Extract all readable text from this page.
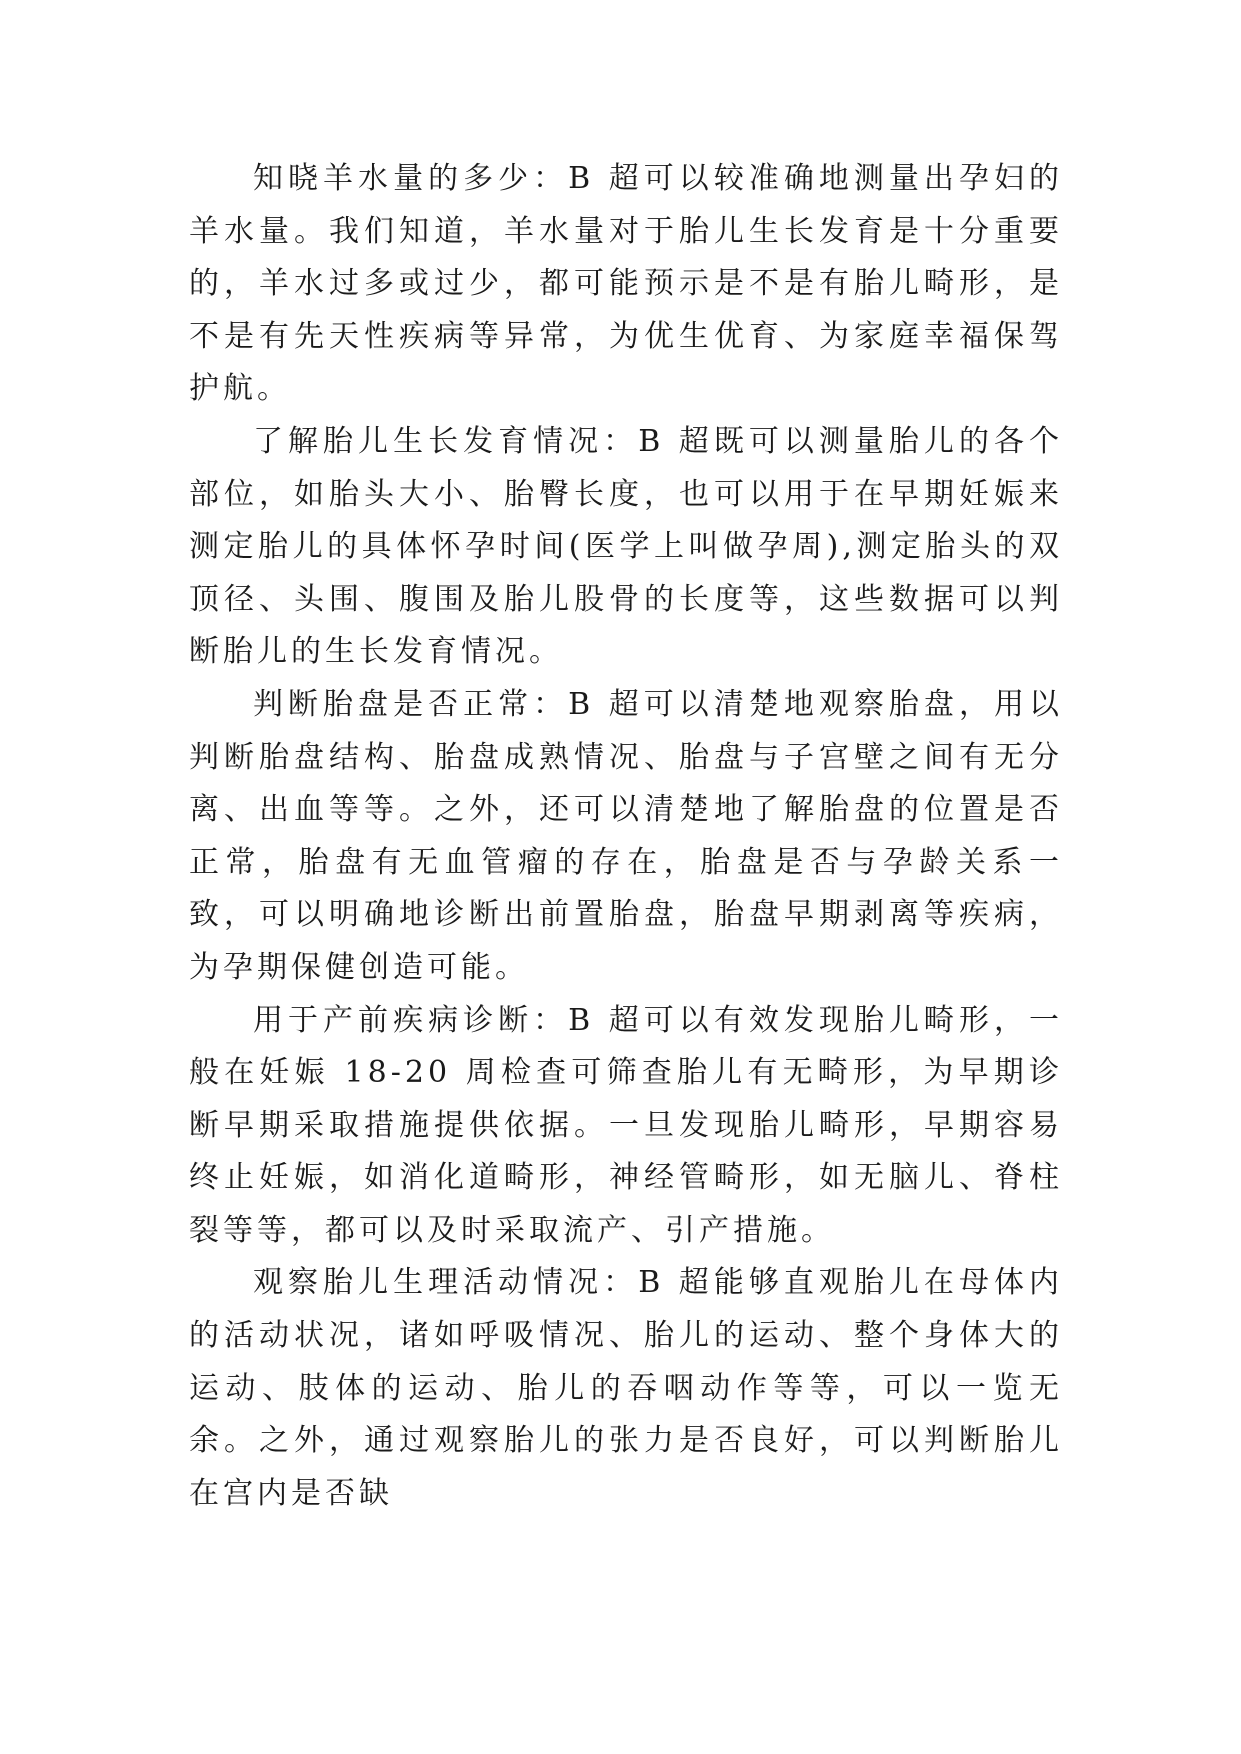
知晓羊水量的多少：B 超可以较准确地测量出孕妇的羊水量。我们知道，羊水量对于胎儿生长发育是十分重要的，羊水过多或过少，都可能预示是不是有胎儿畸形，是不是有先天性疾病等异常，为优生优育、为家庭幸福保驾护航。

了解胎儿生长发育情况：B 超既可以测量胎儿的各个部位，如胎头大小、胎臀长度，也可以用于在早期妊娠来测定胎儿的具体怀孕时间(医学上叫做孕周),测定胎头的双顶径、头围、腹围及胎儿股骨的长度等，这些数据可以判断胎儿的生长发育情况。

判断胎盘是否正常：B 超可以清楚地观察胎盘，用以判断胎盘结构、胎盘成熟情况、胎盘与子宫壁之间有无分离、出血等等。之外，还可以清楚地了解胎盘的位置是否正常，胎盘有无血管瘤的存在，胎盘是否与孕龄关系一致，可以明确地诊断出前置胎盘，胎盘早期剥离等疾病，为孕期保健创造可能。

用于产前疾病诊断：B 超可以有效发现胎儿畸形，一般在妊娠 18-20 周检查可筛查胎儿有无畸形，为早期诊断早期采取措施提供依据。一旦发现胎儿畸形，早期容易终止妊娠，如消化道畸形，神经管畸形，如无脑儿、脊柱裂等等，都可以及时采取流产、引产措施。

观察胎儿生理活动情况：B 超能够直观胎儿在母体内的活动状况，诸如呼吸情况、胎儿的运动、整个身体大的运动、肢体的运动、胎儿的吞咽动作等等，可以一览无余。之外，通过观察胎儿的张力是否良好，可以判断胎儿在宫内是否缺
